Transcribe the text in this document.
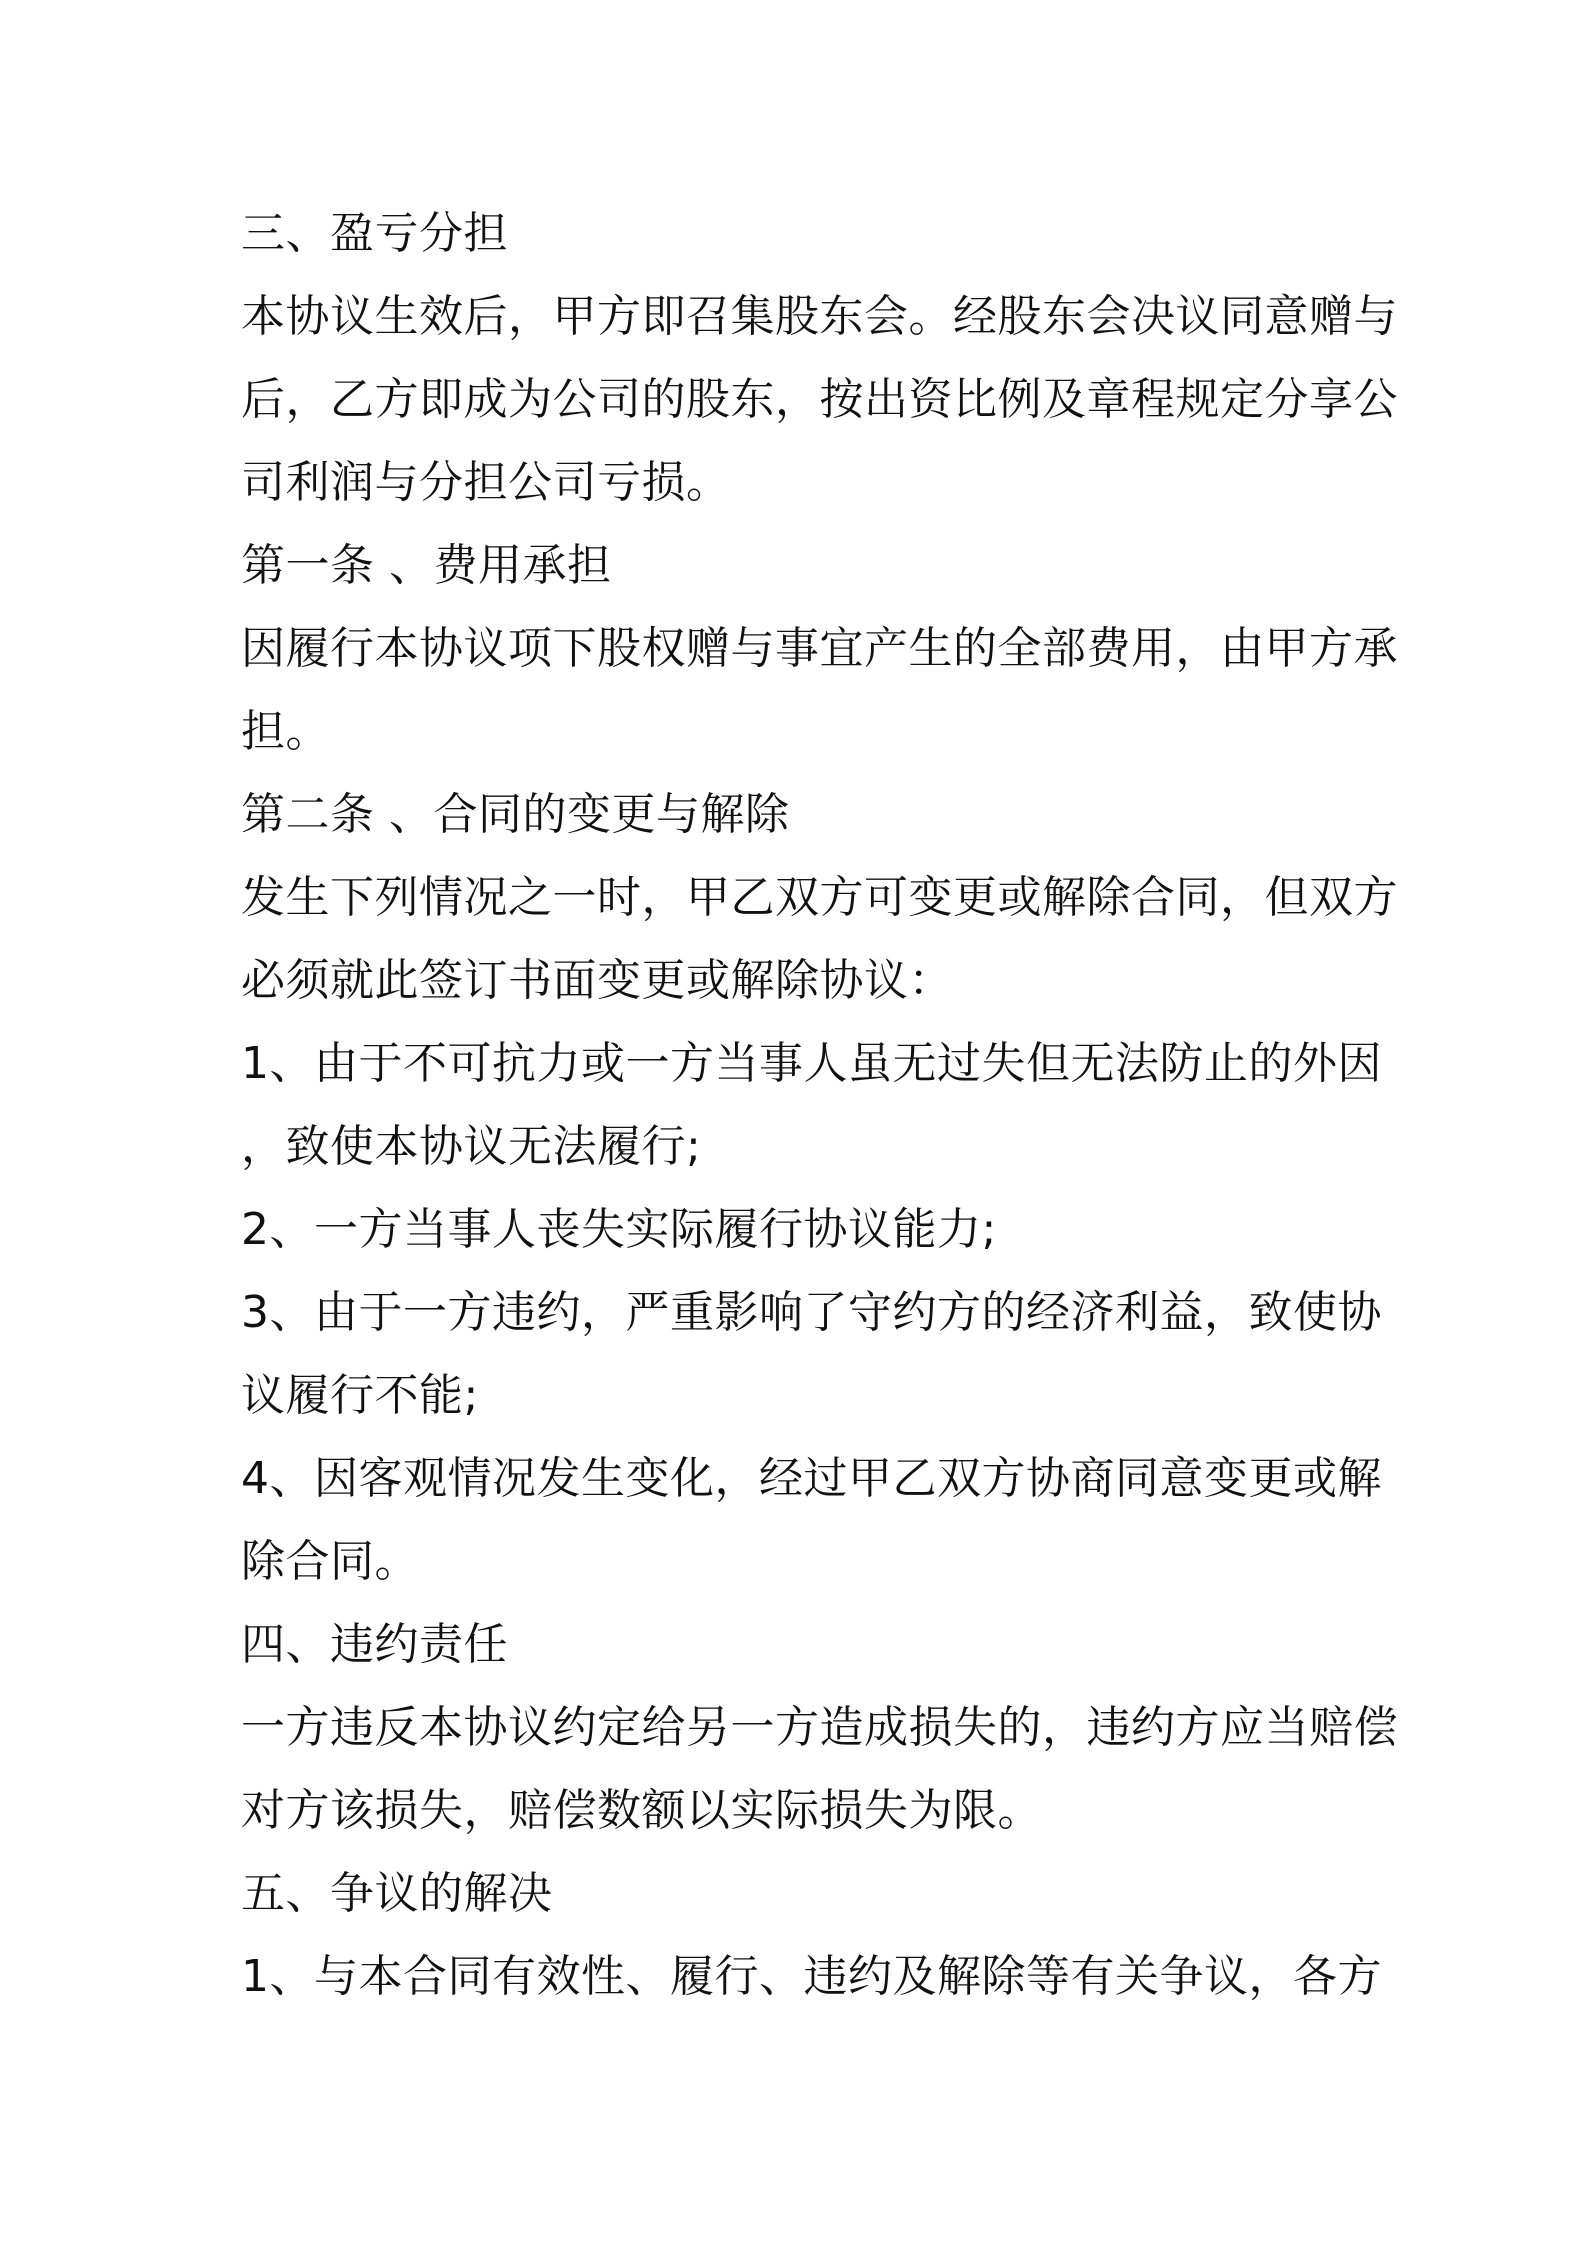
三、盈亏分担
本协议生效后，甲方即召集股东会。经股东会决议同意赠与
后，乙方即成为公司的股东，按出资比例及章程规定分享公
司利润与分担公司亏损。
第一条 、费用承担
因履行本协议项下股权赠与事宜产生的全部费用，由甲方承
担。
第二条 、合同的变更与解除
发生下列情况之一时，甲乙双方可变更或解除合同，但双方
必须就此签订书面变更或解除协议：
1、由于不可抗力或一方当事人虽无过失但无法防止的外因
，致使本协议无法履行;
2、一方当事人丧失实际履行协议能力;
3、由于一方违约，严重影响了守约方的经济利益，致使协
议履行不能;
4、因客观情况发生变化，经过甲乙双方协商同意变更或解
除合同。
四、违约责任
一方违反本协议约定给另一方造成损失的，违约方应当赔偿
对方该损失，赔偿数额以实际损失为限。
五、争议的解决
1、与本合同有效性、履行、违约及解除等有关争议，各方
